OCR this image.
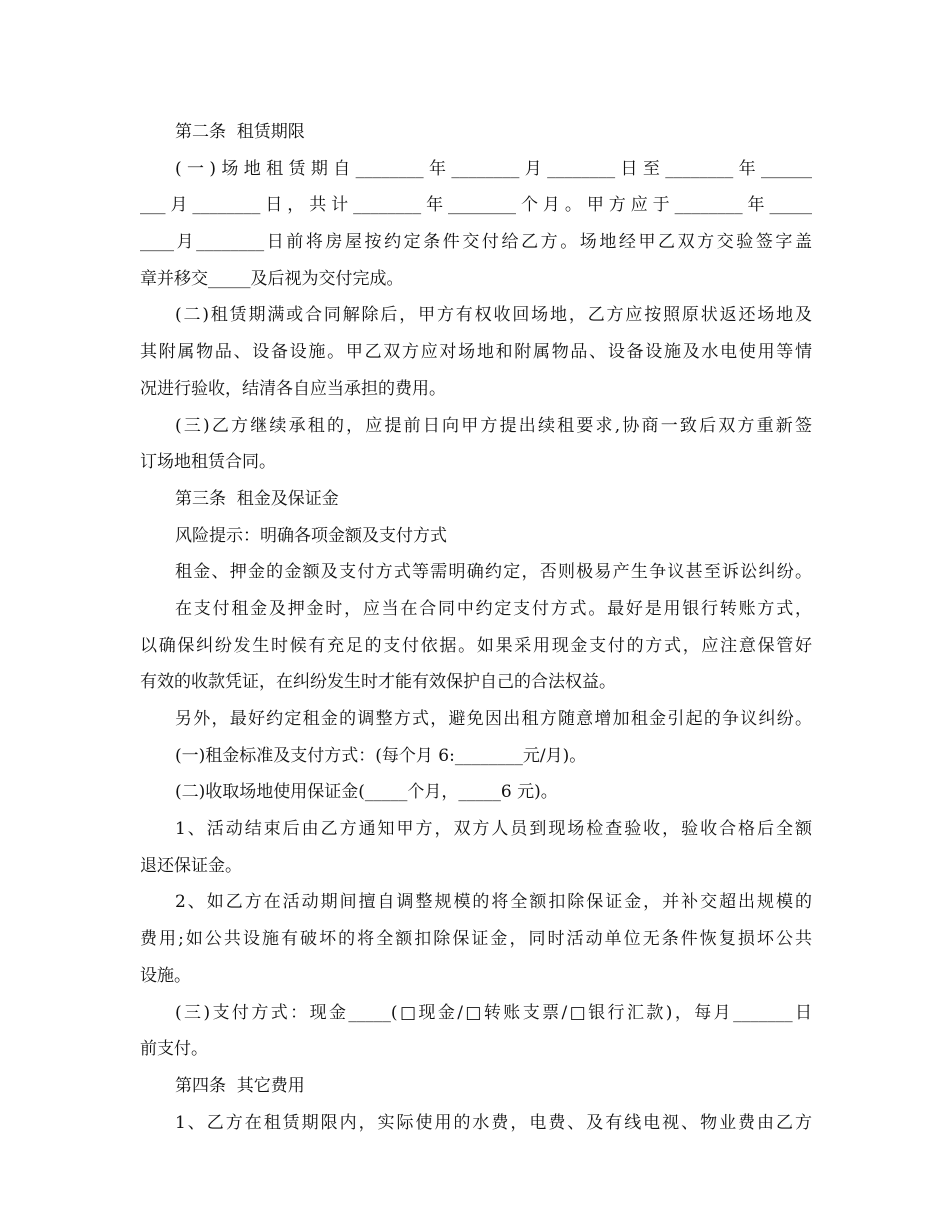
第二条  租赁期限
(一)场地租赁期自________年________月________日至________年______
___月________日，共计________年________个月。甲方应于________年_____
____月________日前将房屋按约定条件交付给乙方。场地经甲乙双方交验签字盖
章并移交_____及后视为交付完成。
(二)租赁期满或合同解除后，甲方有权收回场地，乙方应按照原状返还场地及
其附属物品、设备设施。甲乙双方应对场地和附属物品、设备设施及水电使用等情
况进行验收，结清各自应当承担的费用。
(三)乙方继续承租的，应提前日向甲方提出续租要求,协商一致后双方重新签
订场地租赁合同。
第三条  租金及保证金
风险提示：明确各项金额及支付方式
租金、押金的金额及支付方式等需明确约定，否则极易产生争议甚至诉讼纠纷。
在支付租金及押金时，应当在合同中约定支付方式。最好是用银行转账方式，
以确保纠纷发生时候有充足的支付依据。如果采用现金支付的方式，应注意保管好
有效的收款凭证，在纠纷发生时才能有效保护自己的合法权益。
另外，最好约定租金的调整方式，避免因出租方随意增加租金引起的争议纠纷。
(一)租金标准及支付方式：(每个月 6:________元/月)。
(二)收取场地使用保证金(_____个月，_____6 元)。
1、活动结束后由乙方通知甲方，双方人员到现场检查验收，验收合格后全额
退还保证金。
2、如乙方在活动期间擅自调整规模的将全额扣除保证金，并补交超出规模的
费用;如公共设施有破坏的将全额扣除保证金，同时活动单位无条件恢复损坏公共
设施。
(三)支付方式：现金_____(□现金/□转账支票/□银行汇款)，每月_______日
前支付。
第四条  其它费用
1、乙方在租赁期限内，实际使用的水费，电费、及有线电视、物业费由乙方
